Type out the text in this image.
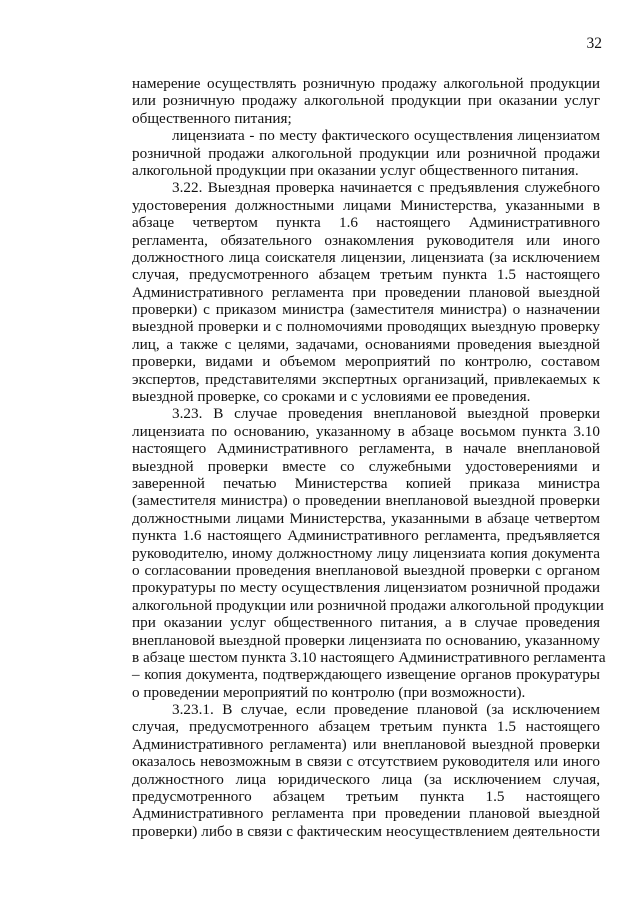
32
намерение осуществлять розничную продажу алкогольной продукции
или розничную продажу алкогольной продукции при оказании услуг
общественного питания;
лицензиата - по месту фактического осуществления лицензиатом
розничной продажи алкогольной продукции или розничной продажи
алкогольной продукции при оказании услуг общественного питания.
3.22. Выездная проверка начинается с предъявления служебного
удостоверения должностными лицами Министерства, указанными в
абзаце четвертом пункта 1.6 настоящего Административного
регламента, обязательного ознакомления руководителя или иного
должностного лица соискателя лицензии, лицензиата (за исключением
случая, предусмотренного абзацем третьим пункта 1.5 настоящего
Административного регламента при проведении плановой выездной
проверки) с приказом министра (заместителя министра) о назначении
выездной проверки и с полномочиями проводящих выездную проверку
лиц, а также с целями, задачами, основаниями проведения выездной
проверки, видами и объемом мероприятий по контролю, составом
экспертов, представителями экспертных организаций, привлекаемых к
выездной проверке, со сроками и с условиями ее проведения.
3.23. В случае проведения внеплановой выездной проверки
лицензиата по основанию, указанному в абзаце восьмом пункта 3.10
настоящего Административного регламента, в начале внеплановой
выездной проверки вместе со служебными удостоверениями и
заверенной печатью Министерства копией приказа министра
(заместителя министра) о проведении внеплановой выездной проверки
должностными лицами Министерства, указанными в абзаце четвертом
пункта 1.6 настоящего Административного регламента, предъявляется
руководителю, иному должностному лицу лицензиата копия документа
о согласовании проведения внеплановой выездной проверки с органом
прокуратуры по месту осуществления лицензиатом розничной продажи
алкогольной продукции или розничной продажи алкогольной продукции
при оказании услуг общественного питания, а в случае проведения
внеплановой выездной проверки лицензиата по основанию, указанному
в абзаце шестом пункта 3.10 настоящего Административного регламента
– копия документа, подтверждающего извещение органов прокуратуры
о проведении мероприятий по контролю (при возможности).
3.23.1. В случае, если проведение плановой (за исключением
случая, предусмотренного абзацем третьим пункта 1.5 настоящего
Административного регламента) или внеплановой выездной проверки
оказалось невозможным в связи с отсутствием руководителя или иного
должностного лица юридического лица (за исключением случая,
предусмотренного абзацем третьим пункта 1.5 настоящего
Административного регламента при проведении плановой выездной
проверки) либо в связи с фактическим неосуществлением деятельности
